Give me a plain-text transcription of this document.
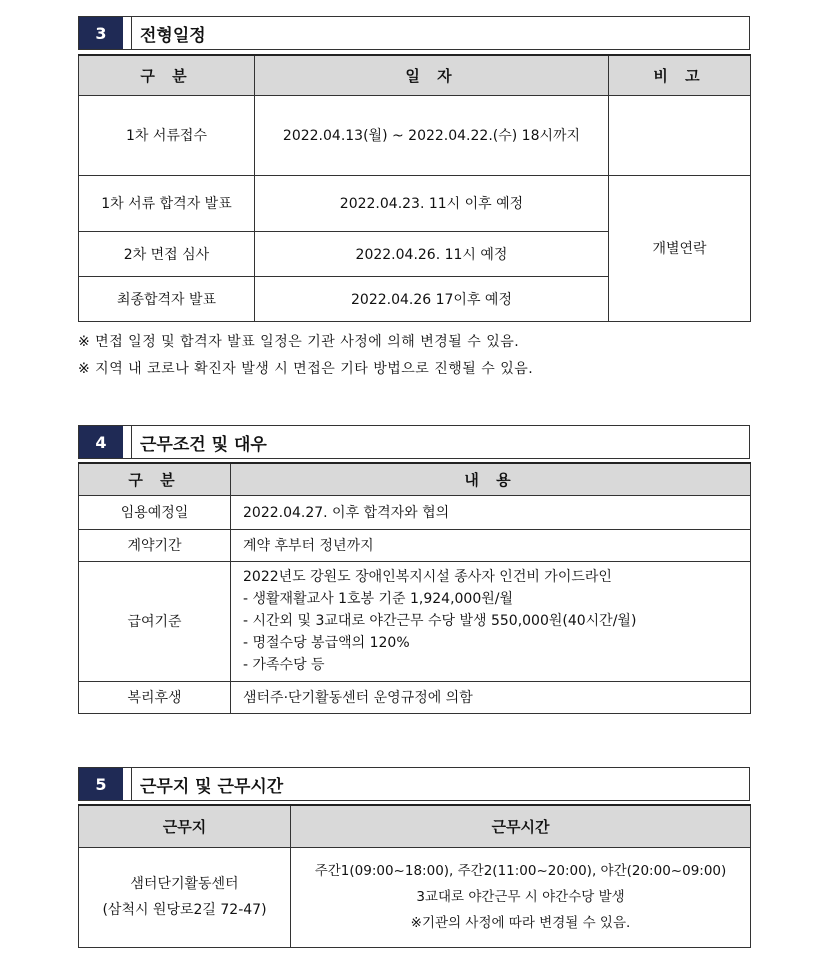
3	전형일정
구 분	일 자	비 고
1차 서류접수	2022.04.13(월) ~ 2022.04.22.(수) 18시까지	
1차 서류 합격자 발표	2022.04.23. 11시 이후 예정	개별연락
2차 면접 심사	2022.04.26. 11시 예정	
최종합격자 발표	2022.04.26 17이후 예정	
※ 면접 일정 및 합격자 발표 일정은 기관 사정에 의해 변경될 수 있음.
※ 지역 내 코로나 확진자 발생 시 면접은 기타 방법으로 진행될 수 있음.
4	근무조건 및 대우
구 분	내 용
임용예정일	2022.04.27. 이후 합격자와 협의
계약기간	계약 후부터 정년까지
급여기준	2022년도 강원도 장애인복지시설 종사자 인건비 가이드라인
- 생활재활교사 1호봉 기준 1,924,000원/월
- 시간외 및 3교대로 야간근무 수당 발생 550,000원(40시간/월)
- 명절수당 봉급액의 120%
- 가족수당 등

복리후생	샘터주·단기활동센터 운영규정에 의함
5	근무지 및 근무시간
근무지	근무시간

샘터단기활동센터
(삼척시 원당로2길 72-47)	주간1(09:00~18:00), 주간2(11:00~20:00), 야간(20:00~09:00)
3교대로 야간근무 시 야간수당 발생
※기관의 사정에 따라 변경될 수 있음.
